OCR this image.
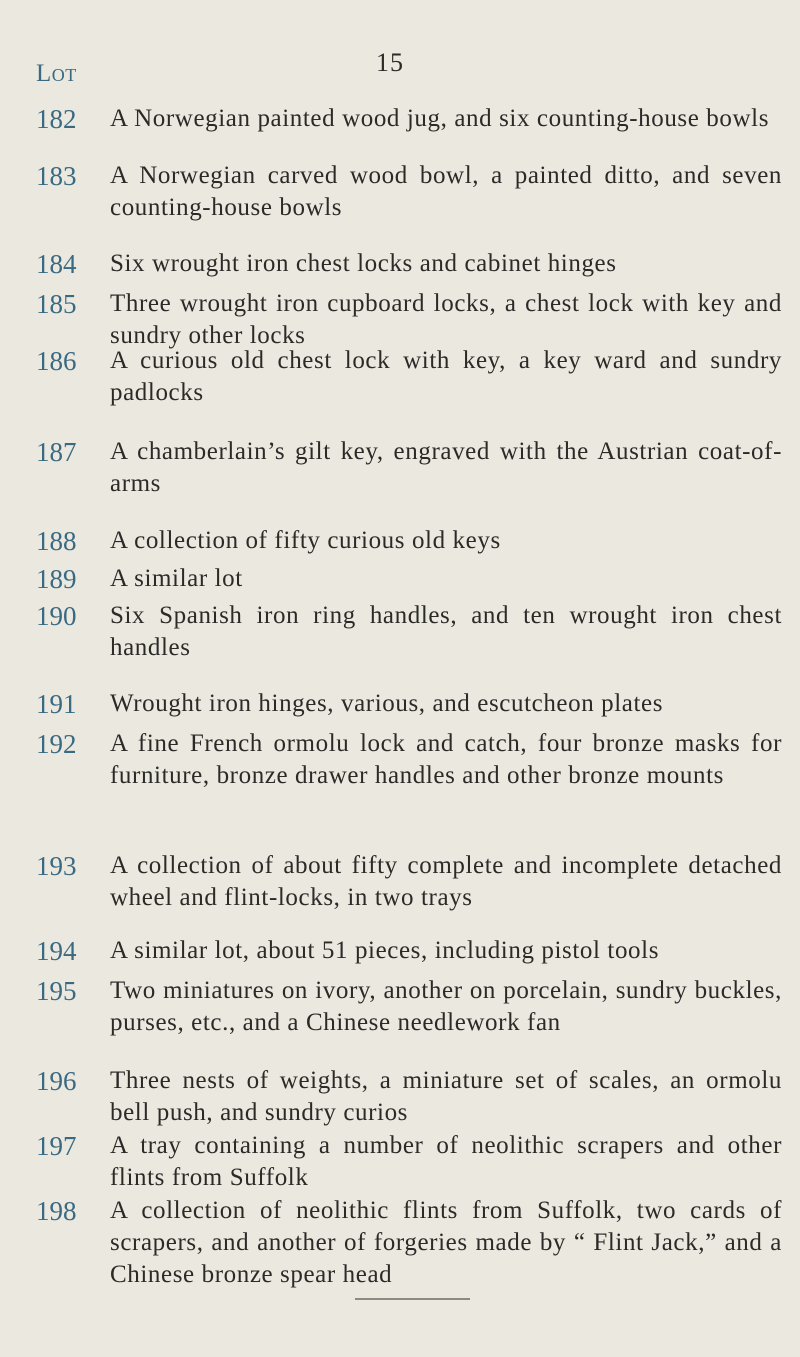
15
Lot
182	A Norwegian painted wood jug, and six counting-house bowls
183	A Norwegian carved wood bowl, a painted ditto, and seven counting-house bowls
184	Six wrought iron chest locks and cabinet hinges
185	Three wrought iron cupboard locks, a chest lock with key and sundry other locks
186	A curious old chest lock with key, a key ward and sundry padlocks
187	A chamberlain’s gilt key, engraved with the Austrian coat-of-arms
188	A collection of fifty curious old keys
189	A similar lot
190	Six Spanish iron ring handles, and ten wrought iron chest handles
191	Wrought iron hinges, various, and escutcheon plates
192	A fine French ormolu lock and catch, four bronze masks for furniture, bronze drawer handles and other bronze mounts
193	A collection of about fifty complete and incomplete detached wheel and flint-locks, in two trays
194	A similar lot, about 51 pieces, including pistol tools
195	Two miniatures on ivory, another on porcelain, sundry buckles, purses, etc., and a Chinese needlework fan
196	Three nests of weights, a miniature set of scales, an ormolu bell push, and sundry curios
197	A tray containing a number of neolithic scrapers and other flints from Suffolk
198	A collection of neolithic flints from Suffolk, two cards of scrapers, and another of forgeries made by “ Flint Jack,” and a Chinese bronze spear head
